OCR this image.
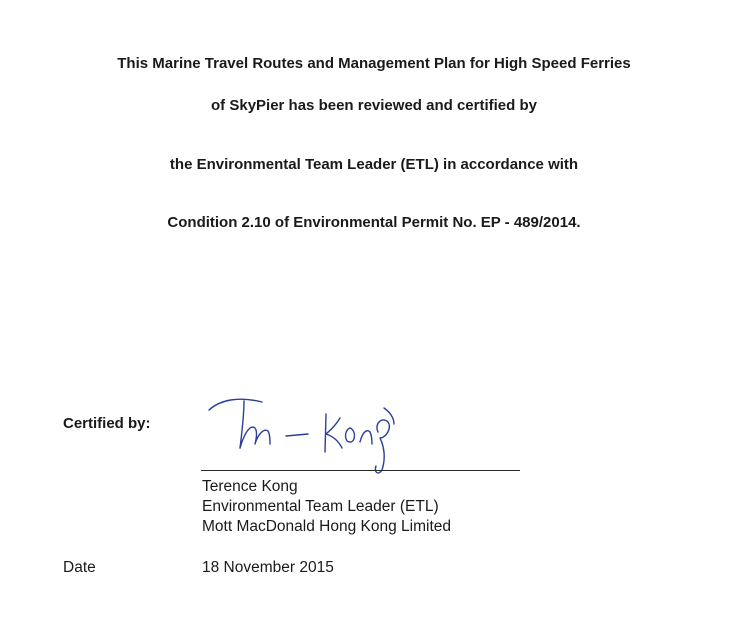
This Marine Travel Routes and Management Plan for High Speed Ferries
of SkyPier has been reviewed and certified by
the Environmental Team Leader (ETL) in accordance with
Condition 2.10 of Environmental Permit No. EP - 489/2014.
Certified by:
Terence Kong
Environmental Team Leader (ETL)
Mott MacDonald Hong Kong Limited
Date	18 November 2015
